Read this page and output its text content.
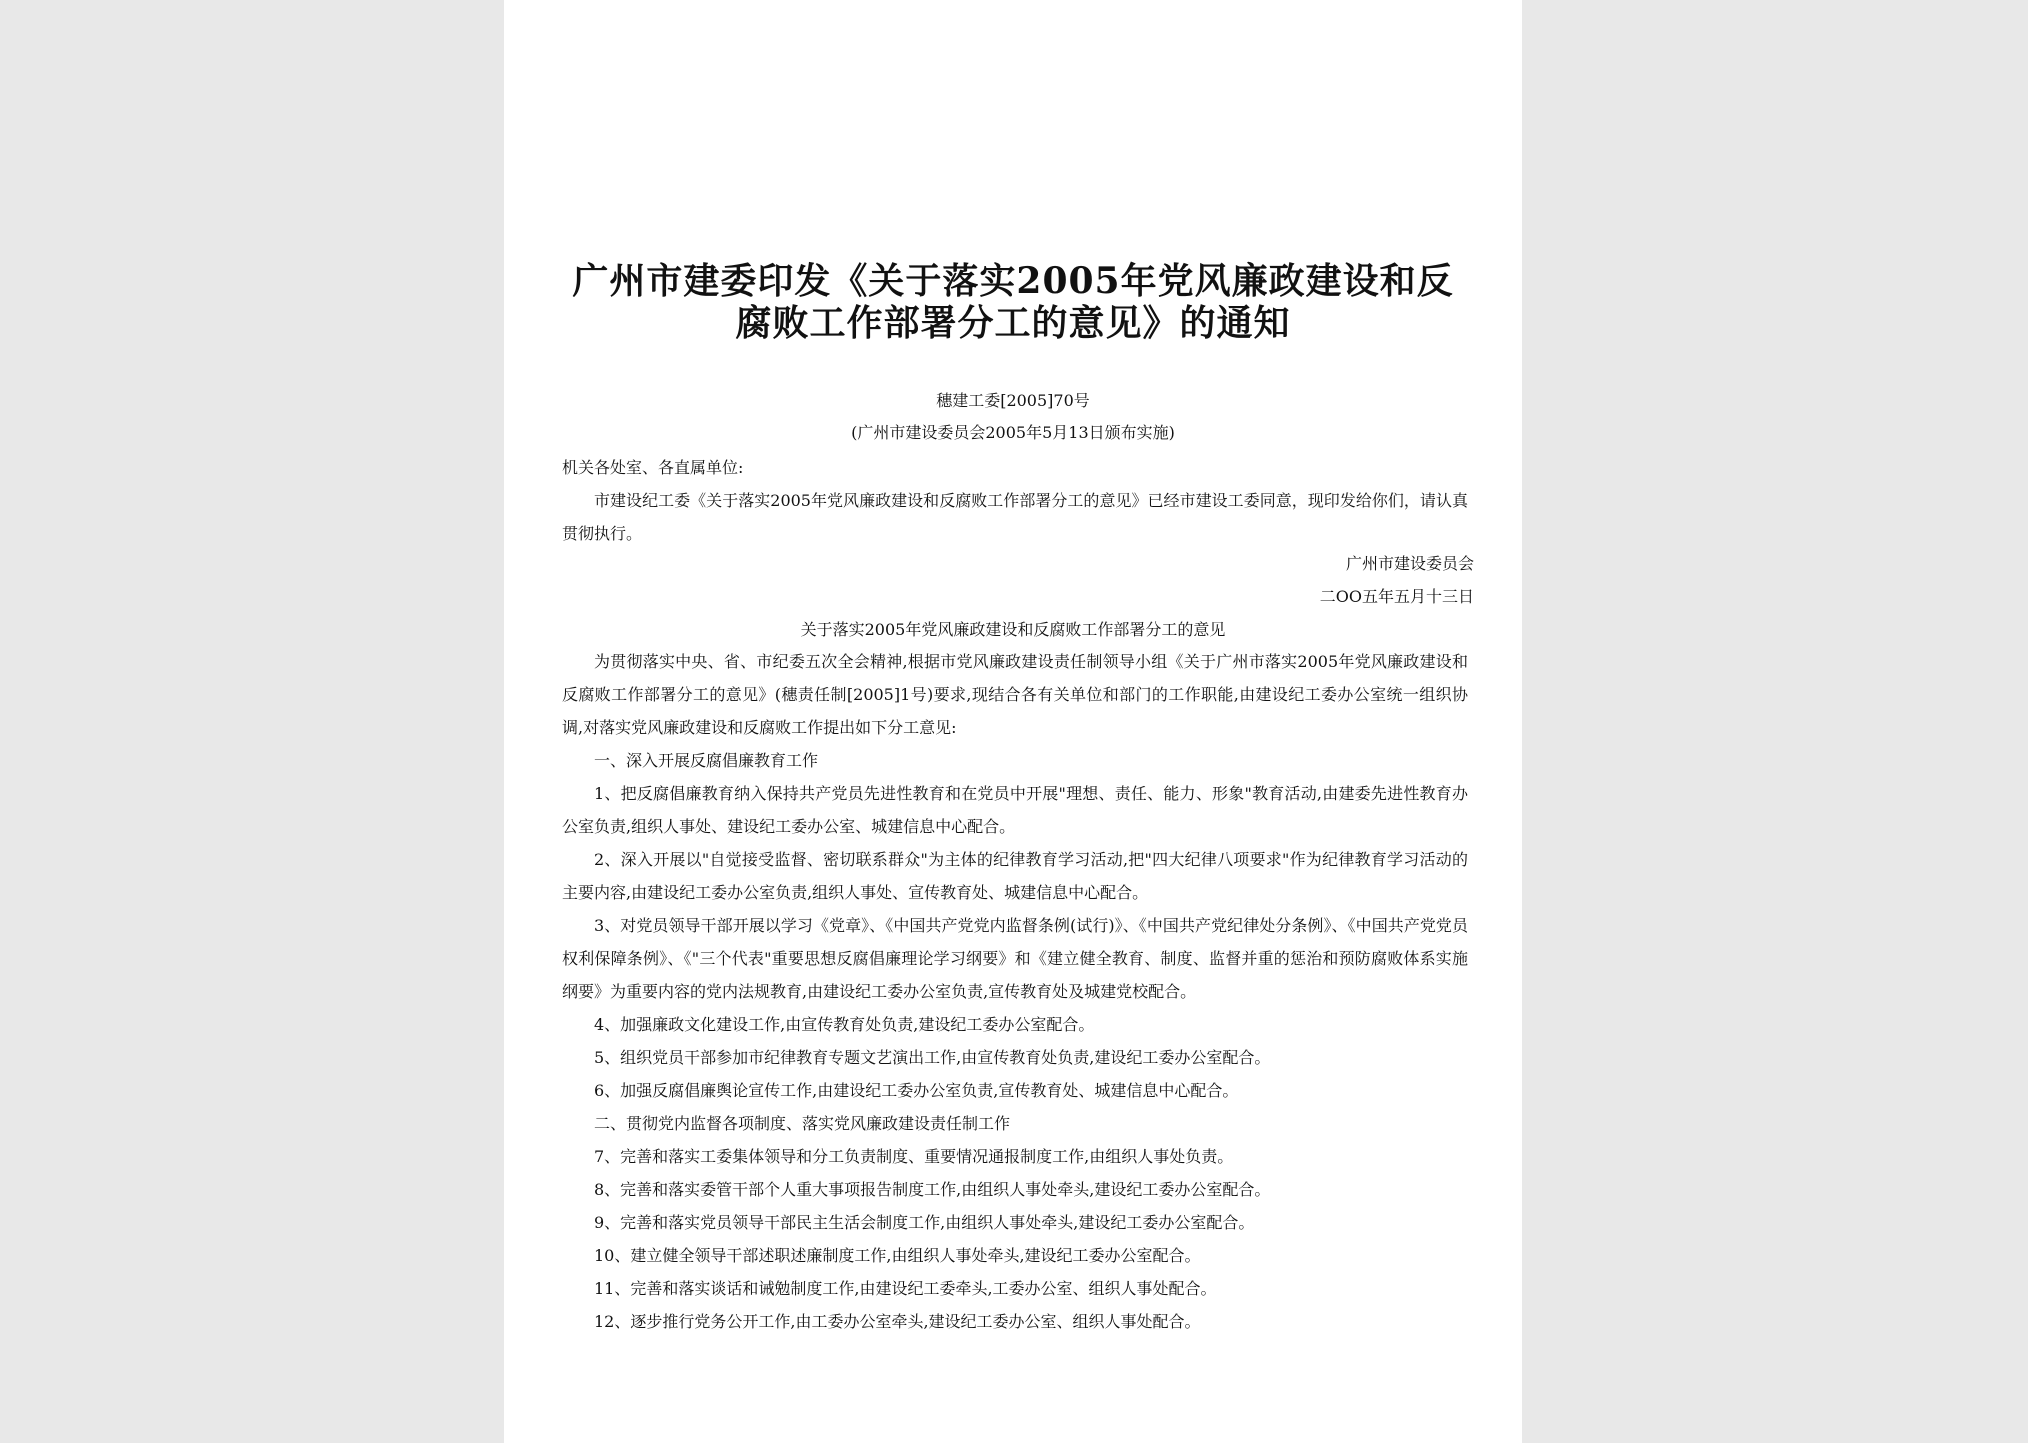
广州市建委印发《关于落实2005年党风廉政建设和反
腐败工作部署分工的意见》的通知
穗建工委[2005]70号
(广州市建设委员会2005年5月13日颁布实施)

机关各处室、各直属单位:

市建设纪工委《关于落实2005年党风廉政建设和反腐败工作部署分工的意见》已经市建设工委同意，现印发给你们，请认真贯彻执行。

广州市建设委员会
二OO五年五月十三日
关于落实2005年党风廉政建设和反腐败工作部署分工的意见

为贯彻落实中央、省、市纪委五次全会精神,根据市党风廉政建设责任制领导小组《关于广州市落实2005年党风廉政建设和反腐败工作部署分工的意见》(穗责任制[2005]1号)要求,现结合各有关单位和部门的工作职能,由建设纪工委办公室统一组织协调,对落实党风廉政建设和反腐败工作提出如下分工意见:

一、深入开展反腐倡廉教育工作

1、把反腐倡廉教育纳入保持共产党员先进性教育和在党员中开展"理想、责任、能力、形象"教育活动,由建委先进性教育办公室负责,组织人事处、建设纪工委办公室、城建信息中心配合。

2、深入开展以"自觉接受监督、密切联系群众"为主体的纪律教育学习活动,把"四大纪律八项要求"作为纪律教育学习活动的主要内容,由建设纪工委办公室负责,组织人事处、宣传教育处、城建信息中心配合。

3、对党员领导干部开展以学习《党章》、《中国共产党党内监督条例(试行)》、《中国共产党纪律处分条例》、《中国共产党党员权利保障条例》、《"三个代表"重要思想反腐倡廉理论学习纲要》和《建立健全教育、制度、监督并重的惩治和预防腐败体系实施纲要》为重要内容的党内法规教育,由建设纪工委办公室负责,宣传教育处及城建党校配合。

4、加强廉政文化建设工作,由宣传教育处负责,建设纪工委办公室配合。

5、组织党员干部参加市纪律教育专题文艺演出工作,由宣传教育处负责,建设纪工委办公室配合。

6、加强反腐倡廉舆论宣传工作,由建设纪工委办公室负责,宣传教育处、城建信息中心配合。

二、贯彻党内监督各项制度、落实党风廉政建设责任制工作

7、完善和落实工委集体领导和分工负责制度、重要情况通报制度工作,由组织人事处负责。

8、完善和落实委管干部个人重大事项报告制度工作,由组织人事处牵头,建设纪工委办公室配合。

9、完善和落实党员领导干部民主生活会制度工作,由组织人事处牵头,建设纪工委办公室配合。

10、建立健全领导干部述职述廉制度工作,由组织人事处牵头,建设纪工委办公室配合。

11、完善和落实谈话和诫勉制度工作,由建设纪工委牵头,工委办公室、组织人事处配合。

12、逐步推行党务公开工作,由工委办公室牵头,建设纪工委办公室、组织人事处配合。
